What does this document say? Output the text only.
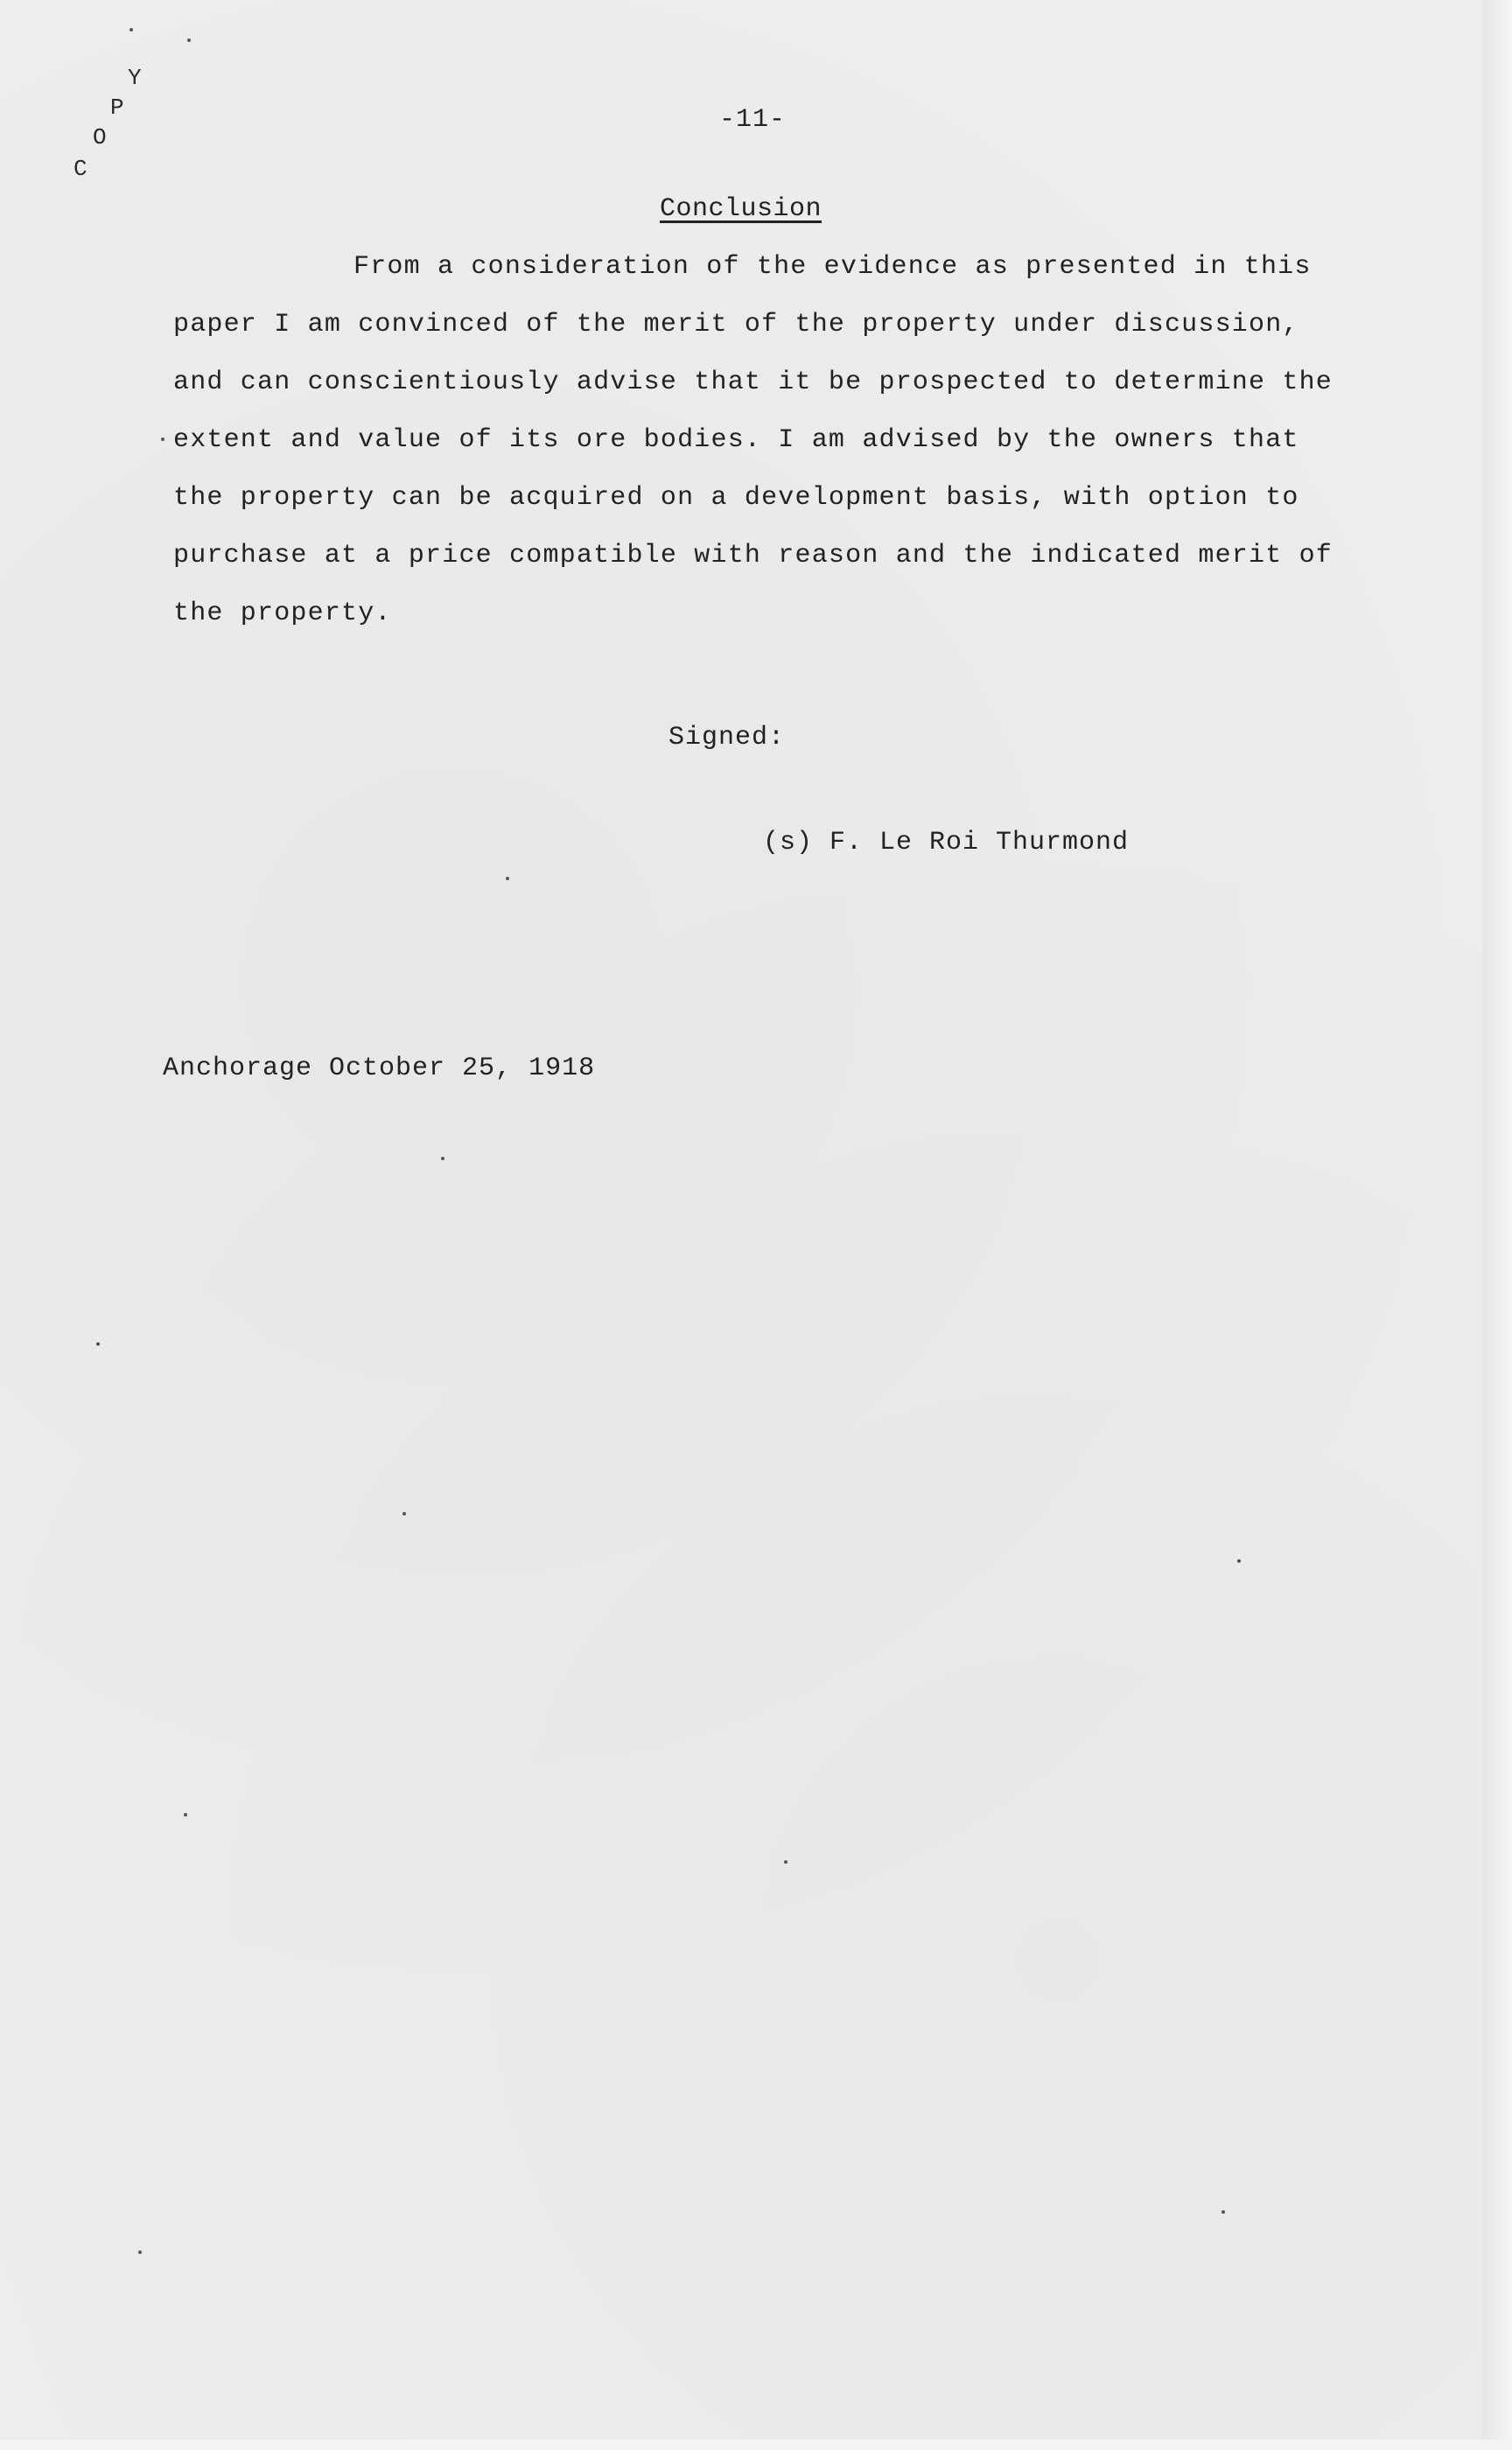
C
O
P
Y
-11-
Conclusion
From a consideration of the evidence as presented in this
paper I am convinced of the merit of the property under discussion,
and can conscientiously advise that it be prospected to determine the
extent and value of its ore bodies. I am advised by the owners that
the property can be acquired on a development basis, with option to
purchase at a price compatible with reason and the indicated merit of
the property.
Signed:
(s) F. Le Roi Thurmond
Anchorage October 25, 1918
